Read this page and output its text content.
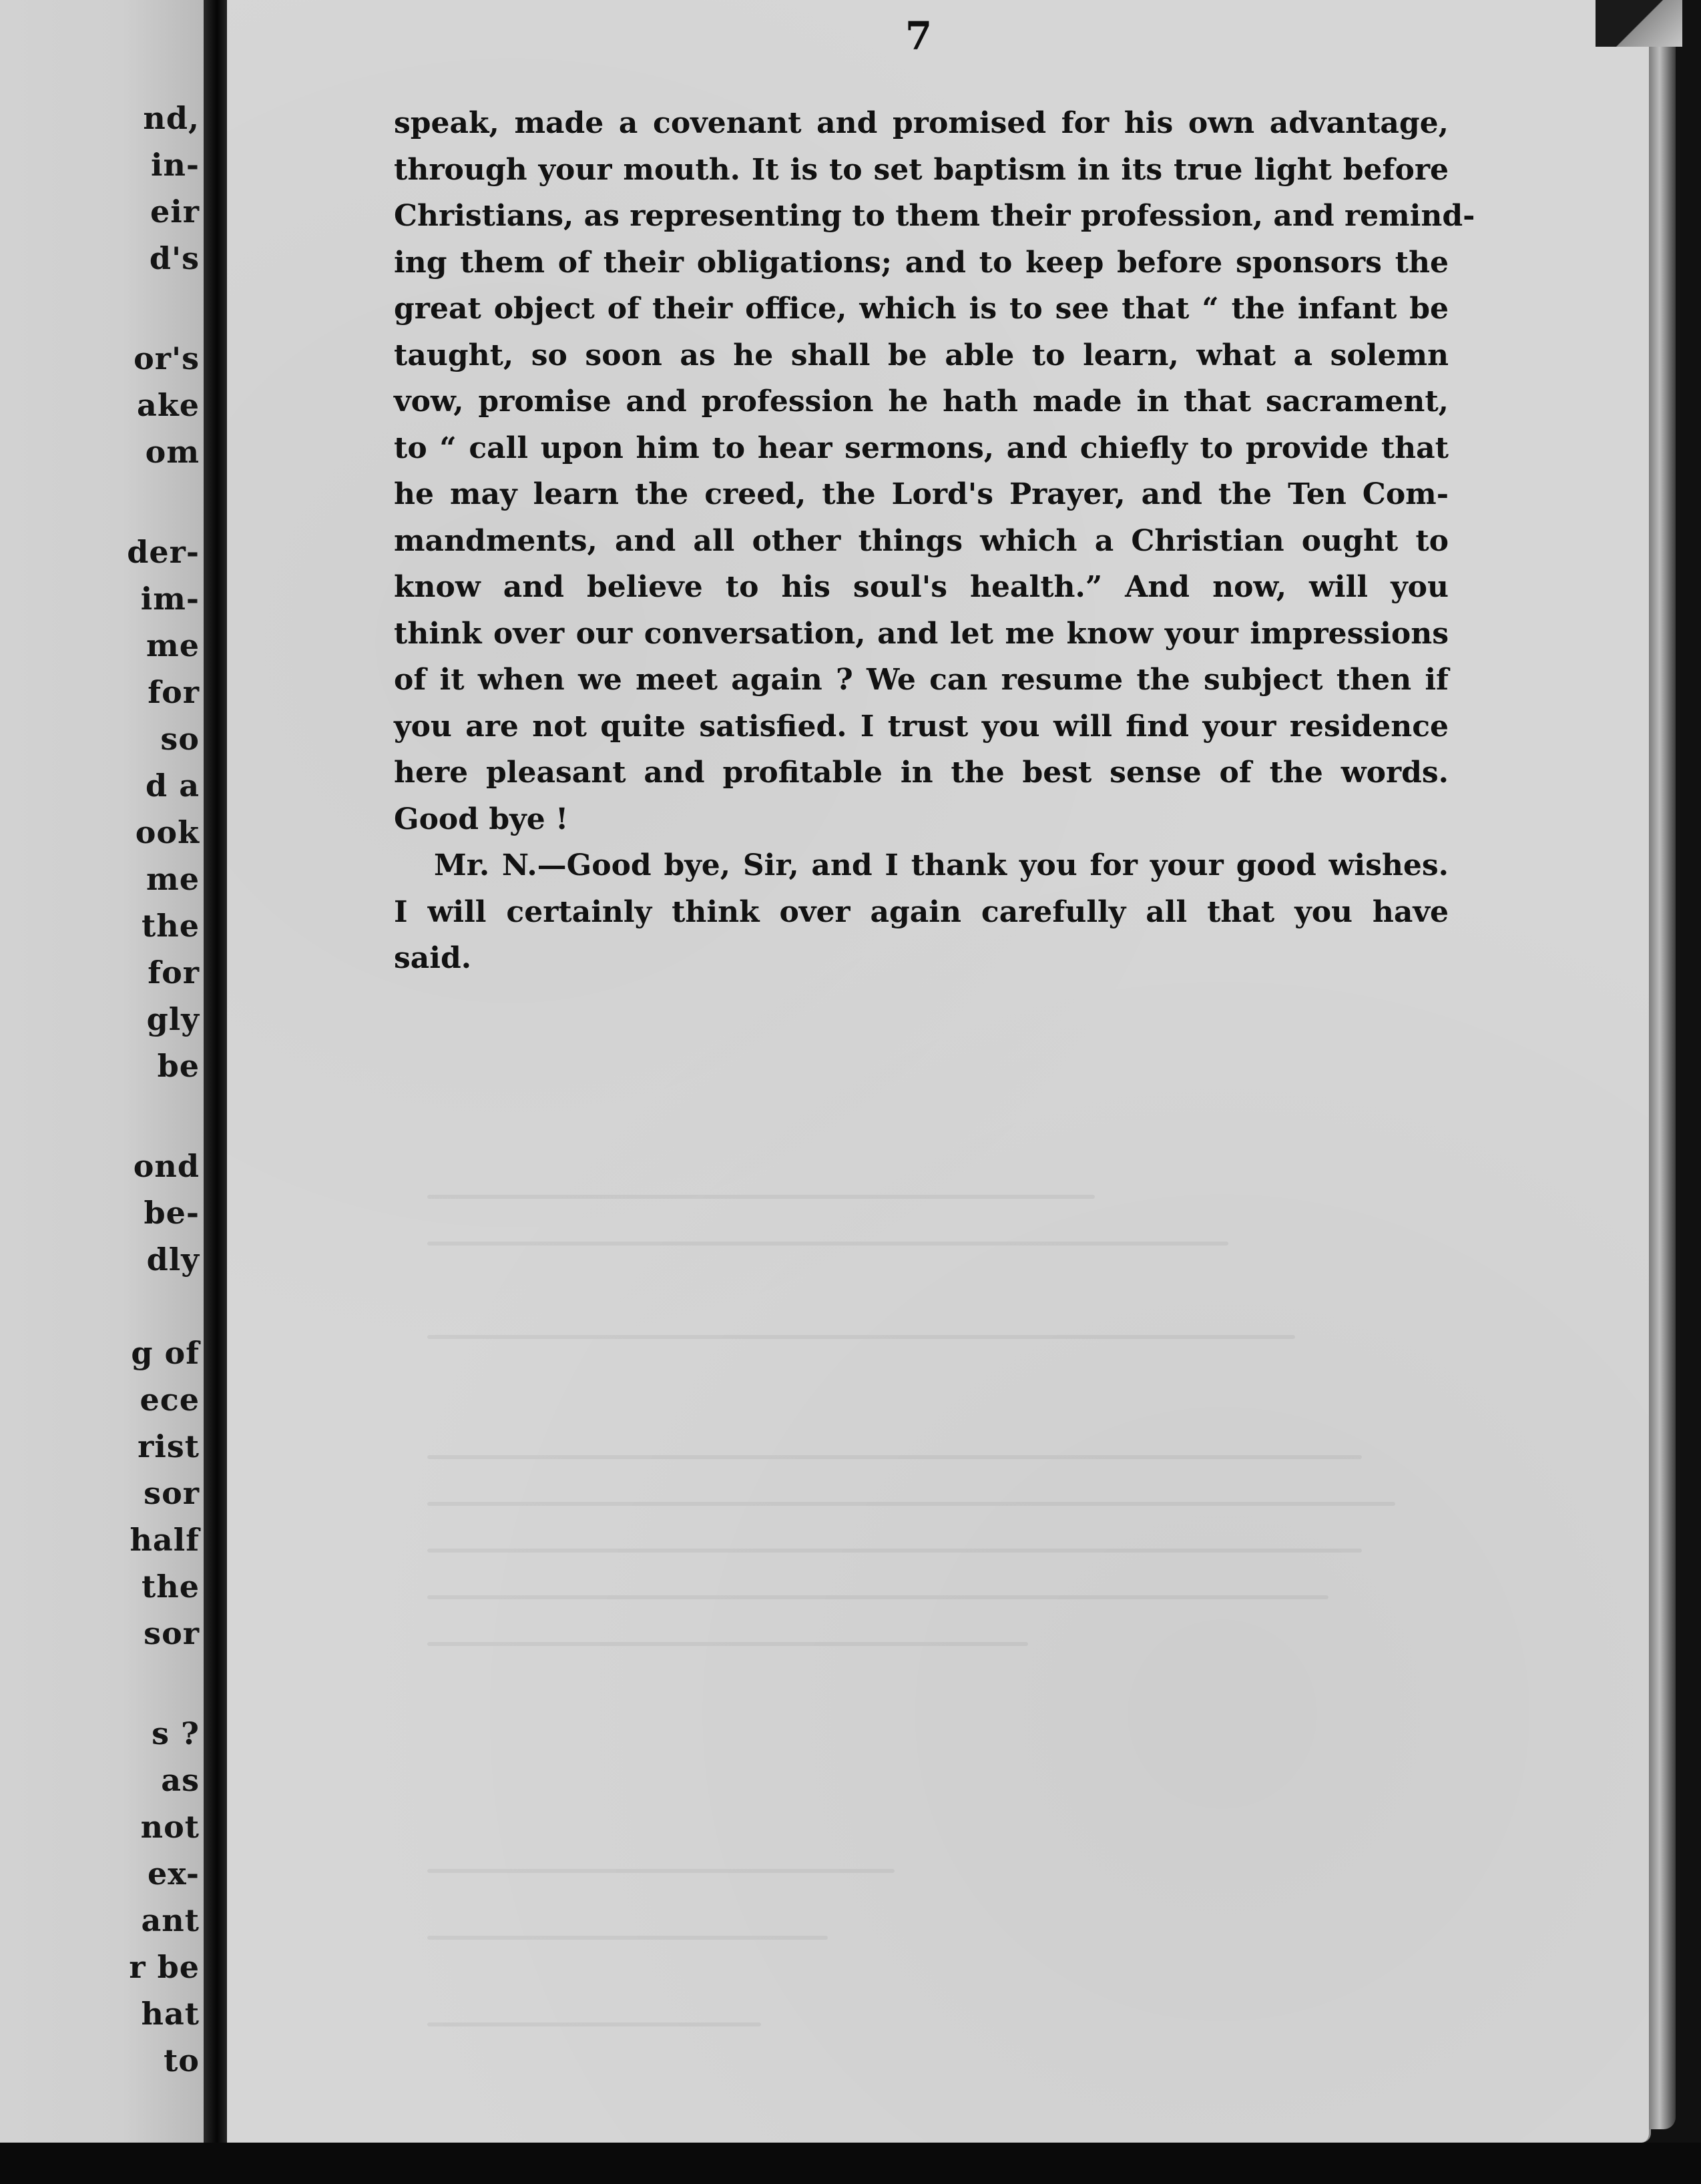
nd,
in-
eir
d's
or's
ake
om
der-
im-
me
for
so
d a
ook
me
the
for
gly
be
ond
be-
dly
g of
ece
rist
sor
half
the
sor
s ?
as
not
ex-
ant
r be
hat
to
7
speak, made a covenant and promised for his own advantage,
through your mouth. It is to set baptism in its true light before
Christians, as representing to them their profession, and remind-
ing them of their obligations; and to keep before sponsors the
great object of their office, which is to see that “ the infant be
taught, so soon as he shall be able to learn, what a solemn
vow, promise and profession he hath made in that sacrament,
to “ call upon him to hear sermons, and chiefly to provide that
he may learn the creed, the Lord's Prayer, and the Ten Com-
mandments, and all other things which a Christian ought to
know and believe to his soul's health.” And now, will you
think over our conversation, and let me know your impressions
of it when we meet again ? We can resume the subject then if
you are not quite satisfied. I trust you will find your residence
here pleasant and profitable in the best sense of the words.
Good bye !
Mr. N.—Good bye, Sir, and I thank you for your good wishes.
I will certainly think over again carefully all that you have
said.
